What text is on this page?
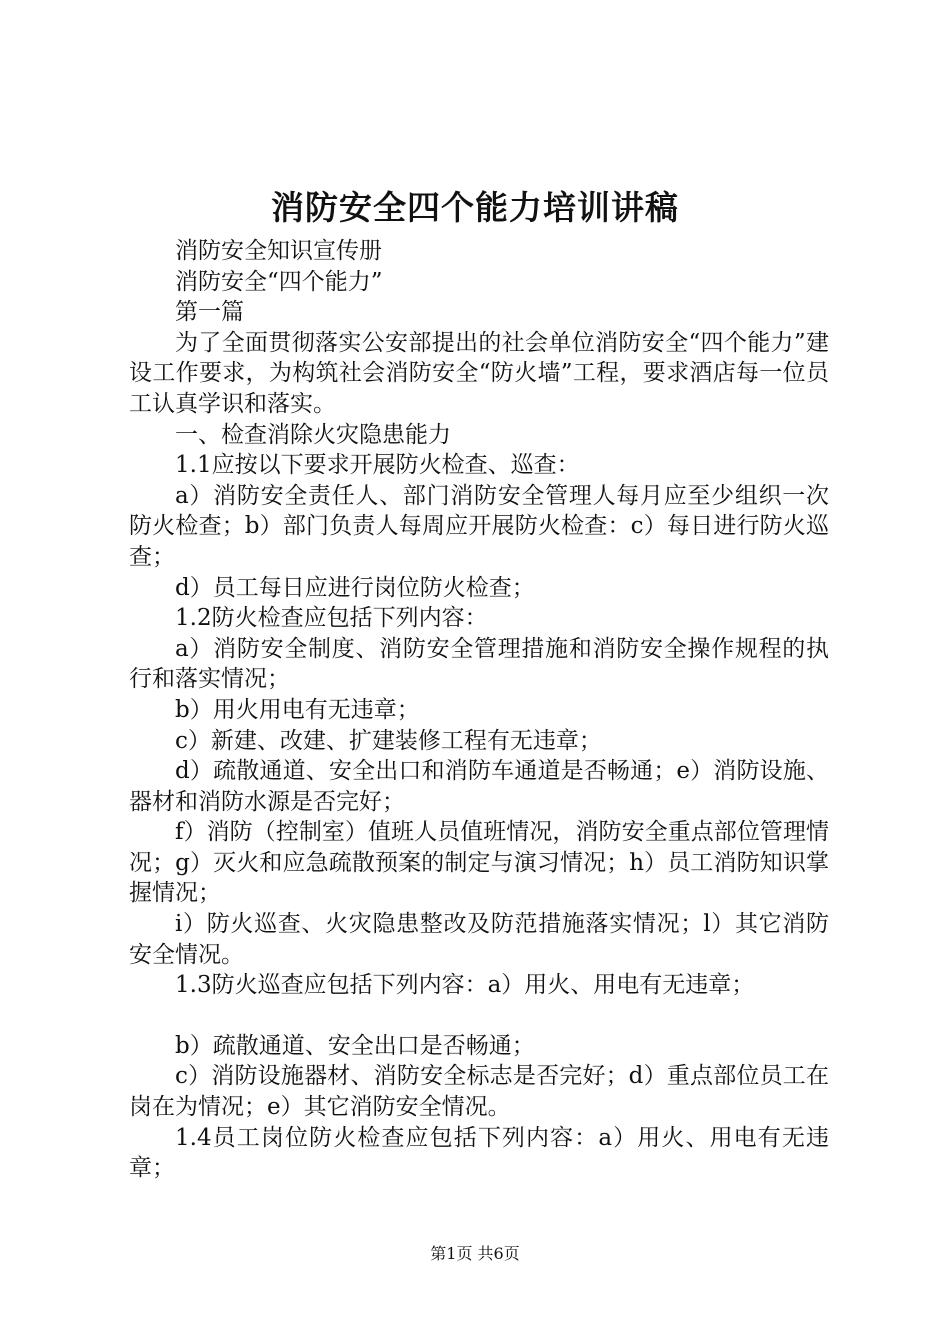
消防安全四个能力培训讲稿

消防安全知识宣传册

消防安全“四个能力”

第一篇

为了全面贯彻落实公安部提出的社会单位消防安全“四个能力”建设工作要求，为构筑社会消防安全“防火墙”工程，要求酒店每一位员工认真学识和落实。

一、检查消除火灾隐患能力

1.1应按以下要求开展防火检查、巡查：

a）消防安全责任人、部门消防安全管理人每月应至少组织一次防火检查；b）部门负责人每周应开展防火检查：c）每日进行防火巡查；

d）员工每日应进行岗位防火检查；

1.2防火检查应包括下列内容：

a）消防安全制度、消防安全管理措施和消防安全操作规程的执行和落实情况；

b）用火用电有无违章；

c）新建、改建、扩建装修工程有无违章；

d）疏散通道、安全出口和消防车通道是否畅通；e）消防设施、器材和消防水源是否完好；

f）消防（控制室）值班人员值班情况，消防安全重点部位管理情况；g）灭火和应急疏散预案的制定与演习情况；h）员工消防知识掌握情况；

i）防火巡查、火灾隐患整改及防范措施落实情况；l）其它消防安全情况。

1.3防火巡查应包括下列内容：a）用火、用电有无违章；

b）疏散通道、安全出口是否畅通；

c）消防设施器材、消防安全标志是否完好；d）重点部位员工在岗在为情况；e）其它消防安全情况。

1.4员工岗位防火检查应包括下列内容：a）用火、用电有无违章；

第1页 共6页
